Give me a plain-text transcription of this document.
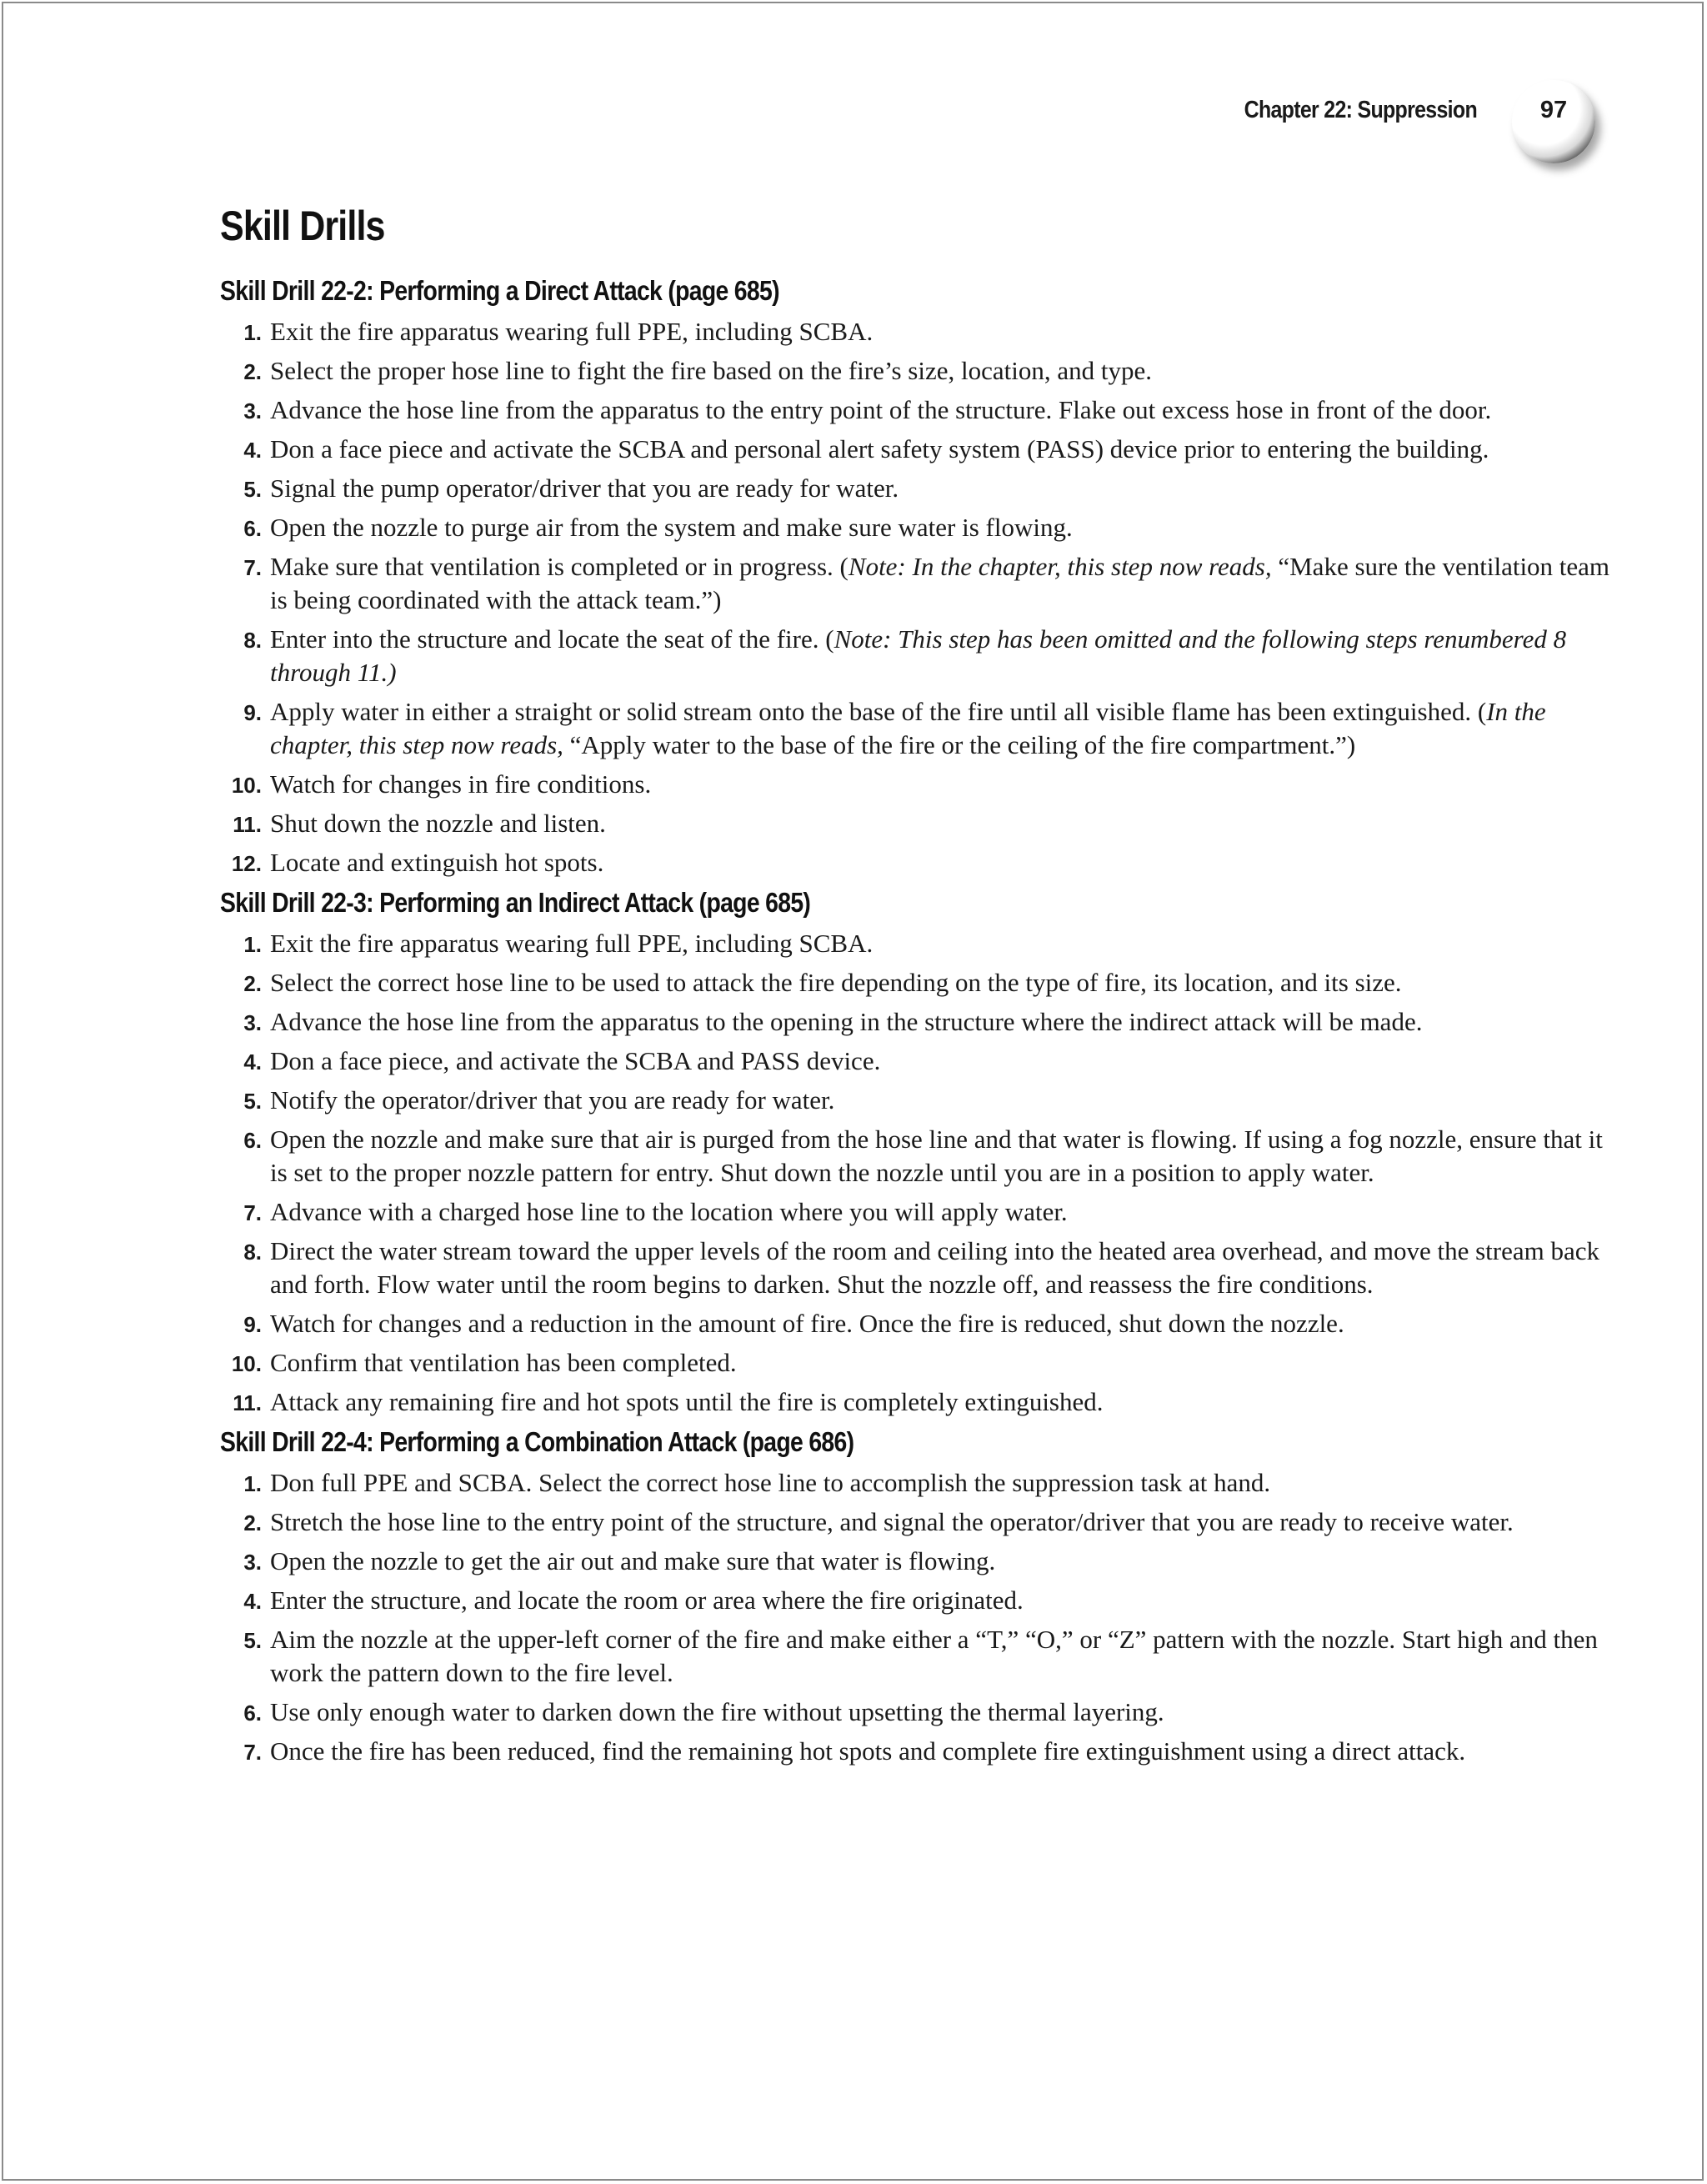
Chapter 22: Suppression	97
Skill Drills
Skill Drill 22-2: Performing a Direct Attack (page 685)
1. Exit the fire apparatus wearing full PPE, including SCBA.
2. Select the proper hose line to fight the fire based on the fire’s size, location, and type.
3. Advance the hose line from the apparatus to the entry point of the structure. Flake out excess hose in front of the door.
4. Don a face piece and activate the SCBA and personal alert safety system (PASS) device prior to entering the building.
5. Signal the pump operator/driver that you are ready for water.
6. Open the nozzle to purge air from the system and make sure water is flowing.
7. Make sure that ventilation is completed or in progress. (Note: In the chapter, this step now reads, “Make sure the ventilation team is being coordinated with the attack team.”)
8. Enter into the structure and locate the seat of the fire. (Note: This step has been omitted and the following steps renumbered 8 through 11.)
9. Apply water in either a straight or solid stream onto the base of the fire until all visible flame has been extinguished. (In the chapter, this step now reads, “Apply water to the base of the fire or the ceiling of the fire compartment.”)
10. Watch for changes in fire conditions.
11. Shut down the nozzle and listen.
12. Locate and extinguish hot spots.
Skill Drill 22-3: Performing an Indirect Attack (page 685)
1. Exit the fire apparatus wearing full PPE, including SCBA.
2. Select the correct hose line to be used to attack the fire depending on the type of fire, its location, and its size.
3. Advance the hose line from the apparatus to the opening in the structure where the indirect attack will be made.
4. Don a face piece, and activate the SCBA and PASS device.
5. Notify the operator/driver that you are ready for water.
6. Open the nozzle and make sure that air is purged from the hose line and that water is flowing. If using a fog nozzle, ensure that it is set to the proper nozzle pattern for entry. Shut down the nozzle until you are in a position to apply water.
7. Advance with a charged hose line to the location where you will apply water.
8. Direct the water stream toward the upper levels of the room and ceiling into the heated area overhead, and move the stream back and forth. Flow water until the room begins to darken. Shut the nozzle off, and reassess the fire conditions.
9. Watch for changes and a reduction in the amount of fire. Once the fire is reduced, shut down the nozzle.
10. Confirm that ventilation has been completed.
11. Attack any remaining fire and hot spots until the fire is completely extinguished.
Skill Drill 22-4: Performing a Combination Attack (page 686)
1. Don full PPE and SCBA. Select the correct hose line to accomplish the suppression task at hand.
2. Stretch the hose line to the entry point of the structure, and signal the operator/driver that you are ready to receive water.
3. Open the nozzle to get the air out and make sure that water is flowing.
4. Enter the structure, and locate the room or area where the fire originated.
5. Aim the nozzle at the upper-left corner of the fire and make either a “T,” “O,” or “Z” pattern with the nozzle. Start high and then work the pattern down to the fire level.
6. Use only enough water to darken down the fire without upsetting the thermal layering.
7. Once the fire has been reduced, find the remaining hot spots and complete fire extinguishment using a direct attack.
